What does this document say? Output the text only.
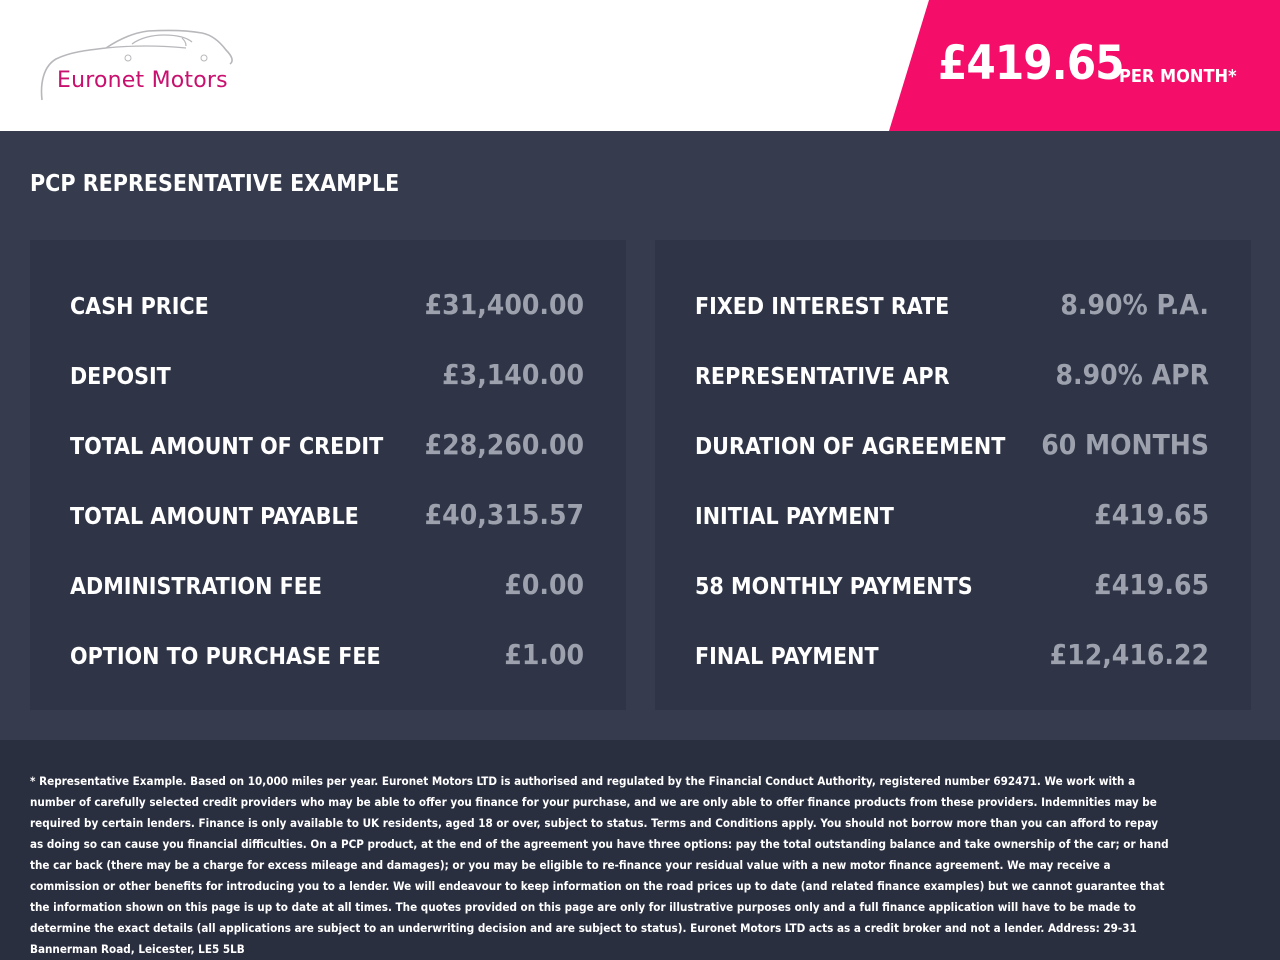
Euronet Motors	£419.65
PER MONTH*
PCP REPRESENTATIVE EXAMPLE
CASH PRICE	£31,400.00
DEPOSIT	£3,140.00
TOTAL AMOUNT OF CREDIT £28,260.00
TOTAL AMOUNT PAYABLE £40,315.57
ADMINISTRATION FEE	£0.00
OPTION TO PURCHASE FEE	£1.00
FIXED INTEREST RATE	8.90% P.A.
REPRESENTATIVE APR	8.90% APR
DURATION OF AGREEMENT 60 MONTHS
INITIAL PAYMENT	£419.65
58 MONTHLY PAYMENTS	£419.65
FINAL PAYMENT	£12,416.22
* Representative Example. Based on 10,000 miles per year. Euronet Motors LTD is authorised and regulated by the Financial Conduct Authority, registered number 692471. We work with a number of carefully selected credit providers who may be able to offer you finance for your purchase, and we are only able to offer finance products from these providers. Indemnities may be required by certain lenders. Finance is only available to UK residents, aged 18 or over, subject to status. Terms and Conditions apply. You should not borrow more than you can afford to repay as doing so can cause you financial difficulties. On a PCP product, at the end of the agreement you have three options: pay the total outstanding balance and take ownership of the car; or hand the car back (there may be a charge for excess mileage and damages); or you may be eligible to re-finance your residual value with a new motor finance agreement. We may receive a commission or other benefits for introducing you to a lender. We will endeavour to keep information on the road prices up to date (and related finance examples) but we cannot guarantee that the information shown on this page is up to date at all times. The quotes provided on this page are only for illustrative purposes only and a full finance application will have to be made to determine the exact details (all applications are subject to an underwriting decision and are subject to status). Euronet Motors LTD acts as a credit broker and not a lender. Address: 29-31 Bannerman Road, Leicester, LE5 5LB
